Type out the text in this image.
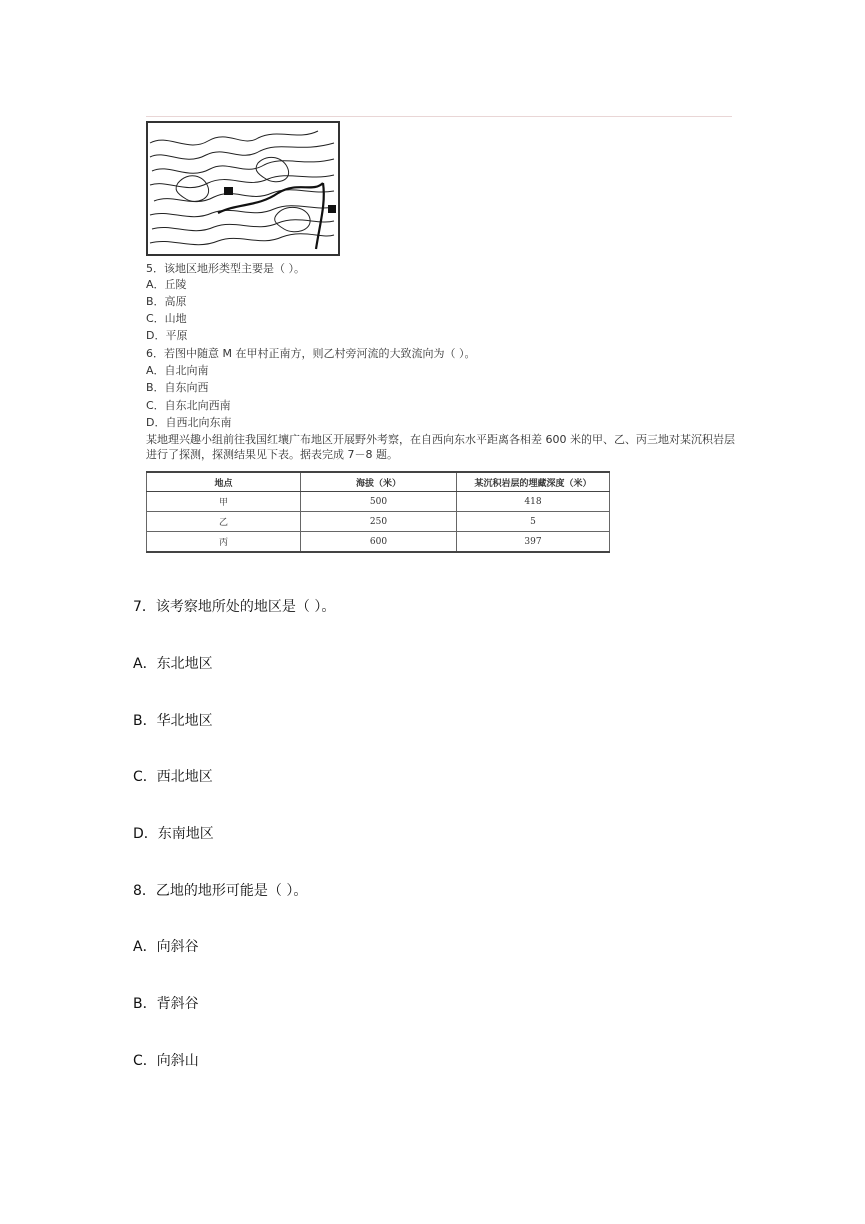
5．该地区地形类型主要是（ ）。
A．丘陵
B．高原
C．山地
D．平原
6．若图中随意 M 在甲村正南方，则乙村旁河流的大致流向为（ ）。
A．自北向南
B．自东向西
C．自东北向西南
D．自西北向东南
某地理兴趣小组前往我国红壤广布地区开展野外考察，在自西向东水平距离各相差 600 米的甲、乙、丙三地对某沉积岩层进行了探测，探测结果见下表。据表完成 7－8 题。
地点	海拔（米）	某沉积岩层的埋藏深度（米）
甲	500	418
乙	250	5
丙	600	397
7．该考察地所处的地区是（ ）。
A．东北地区
B．华北地区
C．西北地区
D．东南地区
8．乙地的地形可能是（ ）。
A．向斜谷
B．背斜谷
C．向斜山
